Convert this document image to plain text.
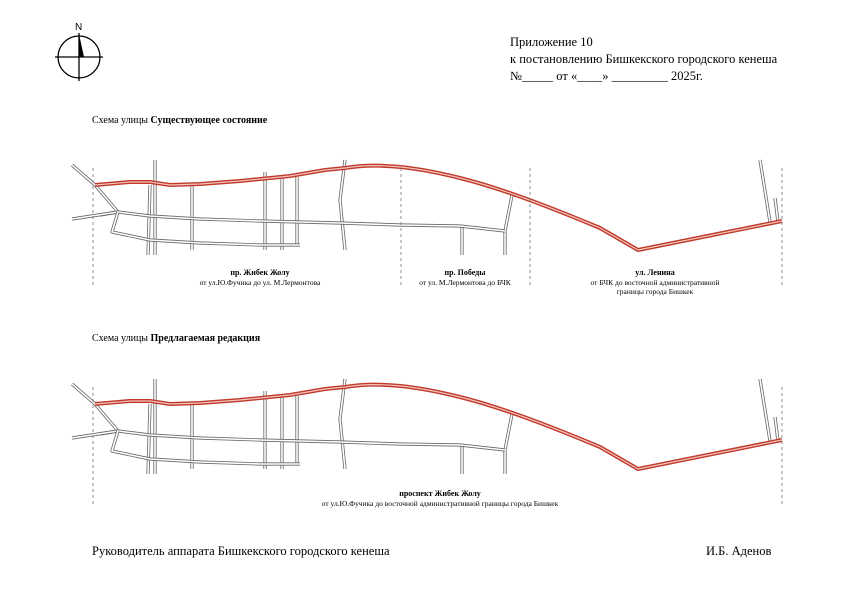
N
Приложение 10
к постановлению Бишкекского городского кенеша
№_____ от «____» _________ 2025г.
Схема улицы Существующее состояние
пр. Жибек Жолу
от ул.Ю.Фучика до ул. М.Лермонтова
пр. Победы
от ул. М.Лермонтова до БЧК
ул. Ленина
от БЧК до восточной административной
границы города Бишкек
Схема улицы Предлагаемая редакция
проспект Жибек Жолу
от ул.Ю.Фучика до восточной административной границы города Бишкек
Руководитель аппарата Бишкекского городского кенеша	И.Б. Аденов
